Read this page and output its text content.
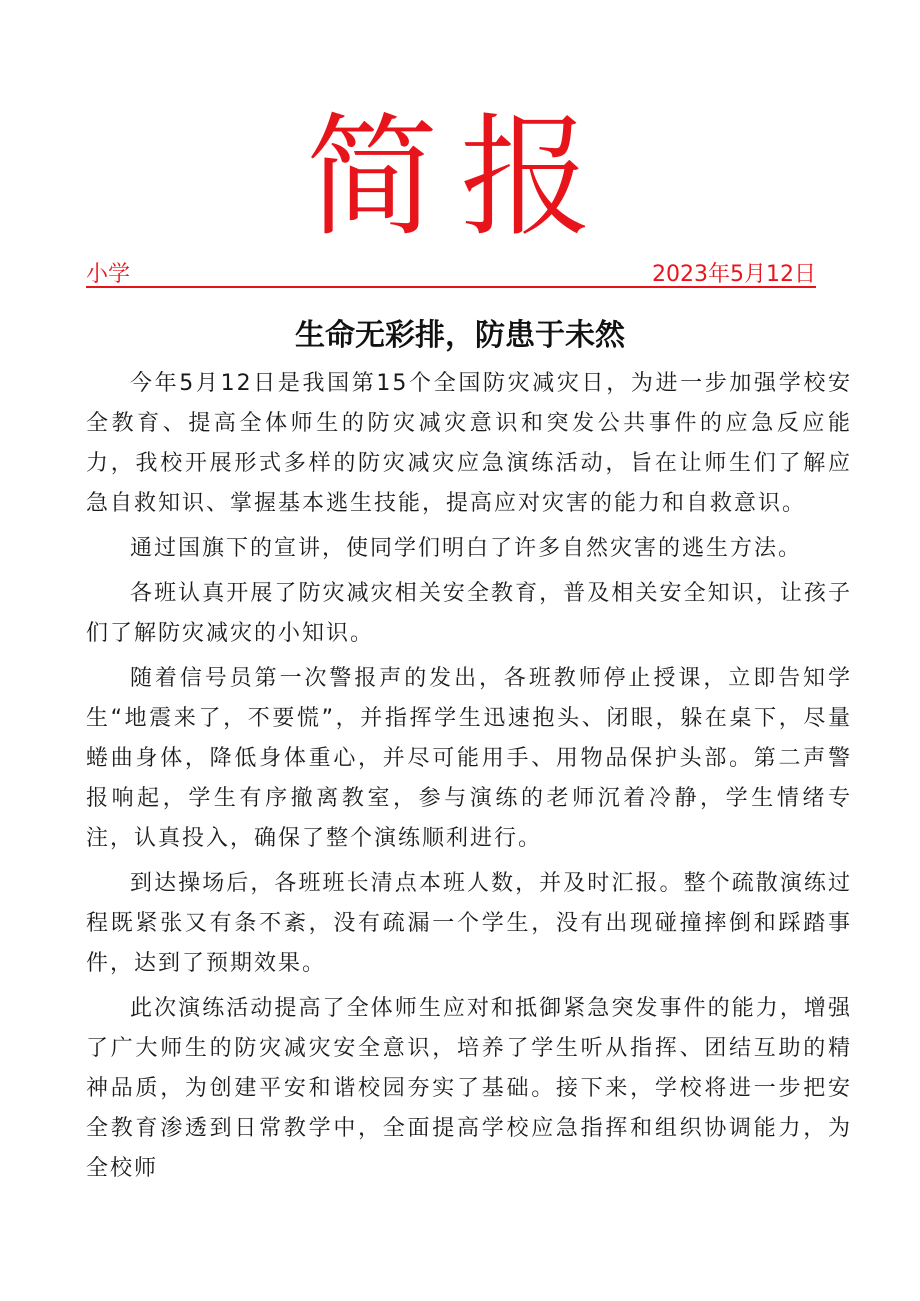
简报
小学	2023年5月12日
生命无彩排，防患于未然

今年5月12日是我国第15个全国防灾减灾日，为进一步加强学校安全教育、提高全体师生的防灾减灾意识和突发公共事件的应急反应能力，我校开展形式多样的防灾减灾应急演练活动，旨在让师生们了解应急自救知识、掌握基本逃生技能，提高应对灾害的能力和自救意识。

通过国旗下的宣讲，使同学们明白了许多自然灾害的逃生方法。

各班认真开展了防灾减灾相关安全教育，普及相关安全知识，让孩子们了解防灾减灾的小知识。

随着信号员第一次警报声的发出，各班教师停止授课，立即告知学生“地震来了，不要慌”，并指挥学生迅速抱头、闭眼，躲在桌下，尽量蜷曲身体，降低身体重心，并尽可能用手、用物品保护头部。第二声警报响起，学生有序撤离教室，参与演练的老师沉着冷静，学生情绪专注，认真投入，确保了整个演练顺利进行。

到达操场后，各班班长清点本班人数，并及时汇报。整个疏散演练过程既紧张又有条不紊，没有疏漏一个学生，没有出现碰撞摔倒和踩踏事件，达到了预期效果。

此次演练活动提高了全体师生应对和抵御紧急突发事件的能力，增强了广大师生的防灾减灾安全意识，培养了学生听从指挥、团结互助的精神品质，为创建平安和谐校园夯实了基础。接下来，学校将进一步把安全教育渗透到日常教学中，全面提高学校应急指挥和组织协调能力，为全校师
